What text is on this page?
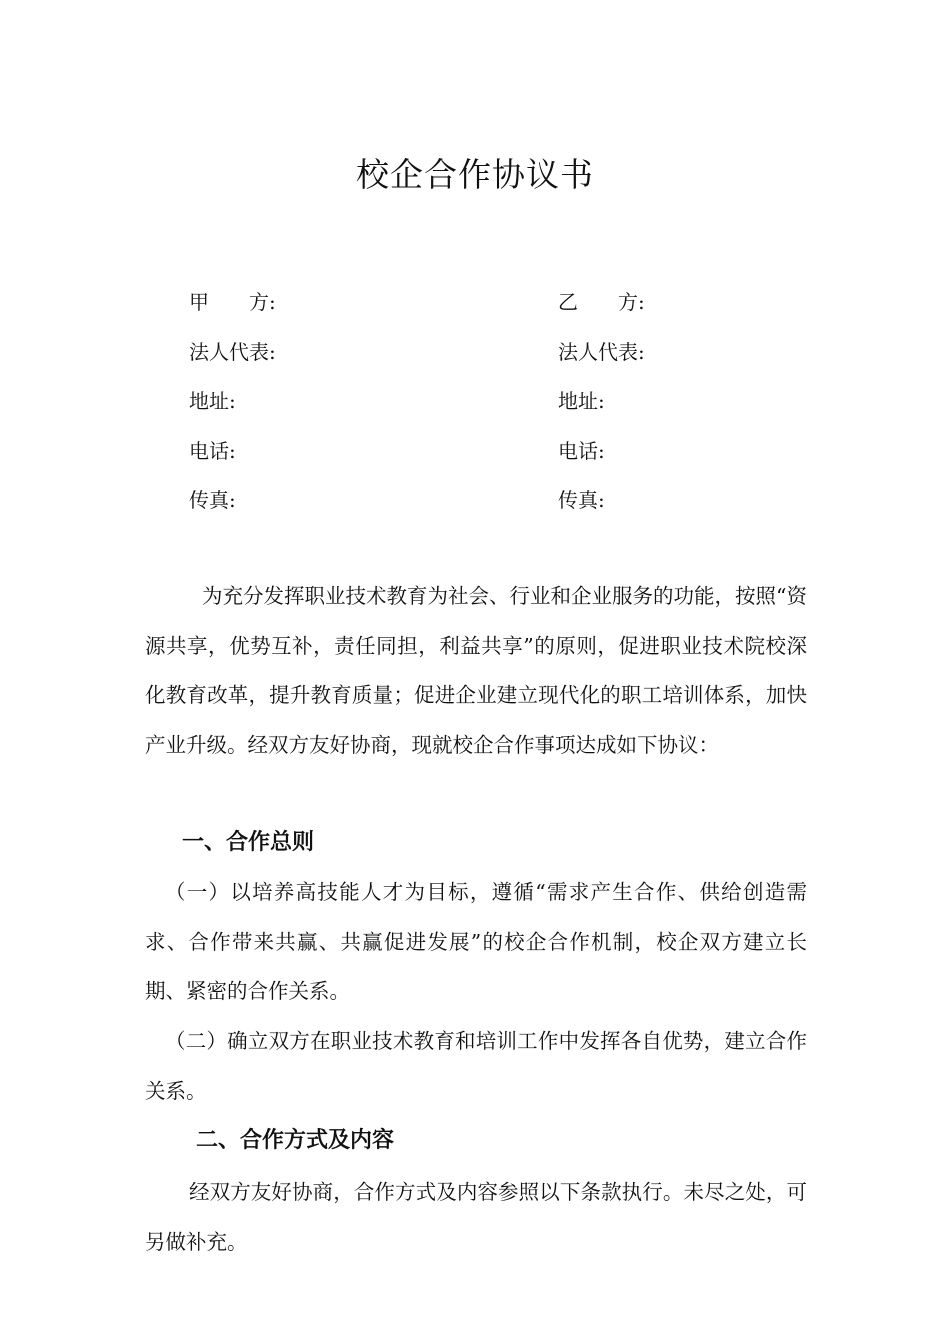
校企合作协议书
甲　　方:
法人代表:
地址:
电话:
传真:
乙　　方:
法人代表:
地址:
电话:
传真:
为充分发挥职业技术教育为社会、行业和企业服务的功能，按照“资源共享，优势互补，责任同担，利益共享”的原则，促进职业技术院校深化教育改革，提升教育质量；促进企业建立现代化的职工培训体系，加快产业升级。经双方友好协商，现就校企合作事项达成如下协议：
一、合作总则
（一）以培养高技能人才为目标，遵循“需求产生合作、供给创造需求、合作带来共赢、共赢促进发展”的校企合作机制，校企双方建立长期、紧密的合作关系。
（二）确立双方在职业技术教育和培训工作中发挥各自优势，建立合作关系。
二、合作方式及内容
经双方友好协商，合作方式及内容参照以下条款执行。未尽之处，可另做补充。
